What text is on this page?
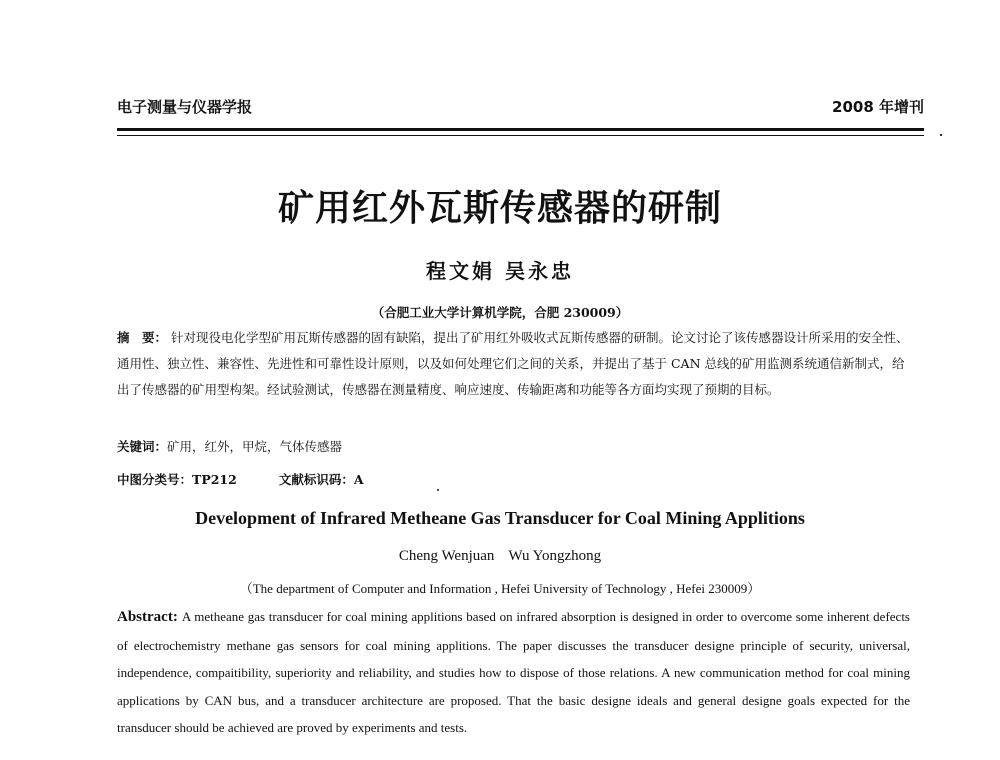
电子测量与仪器学报	2008 年增刊
矿用红外瓦斯传感器的研制
程文娟 吴永忠
（合肥工业大学计算机学院，合肥 230009）
摘　要： 针对现役电化学型矿用瓦斯传感器的固有缺陷，提出了矿用红外吸收式瓦斯传感器的研制。论文讨论了该传感器设计所采用的安全性、通用性、独立性、兼容性、先进性和可靠性设计原则，以及如何处理它们之间的关系，并提出了基于 CAN 总线的矿用监测系统通信新制式，给出了传感器的矿用型构架。经试验测试，传感器在测量精度、响应速度、传输距离和功能等各方面均实现了预期的目标。
关键词：矿用，红外，甲烷，气体传感器
中图分类号：TP212	文献标识码：A
Development of Infrared Metheane Gas Transducer for Coal Mining Applitions
Cheng Wenjuan Wu Yongzhong
（The department of Computer and Information , Hefei University of Technology , Hefei 230009）
Abstract: A metheane gas transducer for coal mining applitions based on infrared absorption is designed in order to overcome some inherent defects of electrochemistry methane gas sensors for coal mining applitions. The paper discusses the transducer designe principle of security, universal, independence, compaitibility, superiority and reliability, and studies how to dispose of those relations. A new communication method for coal mining applications by CAN bus, and a transducer architecture are proposed. That the basic designe ideals and general designe goals expected for the transducer should be achieved are proved by experiments and tests.
